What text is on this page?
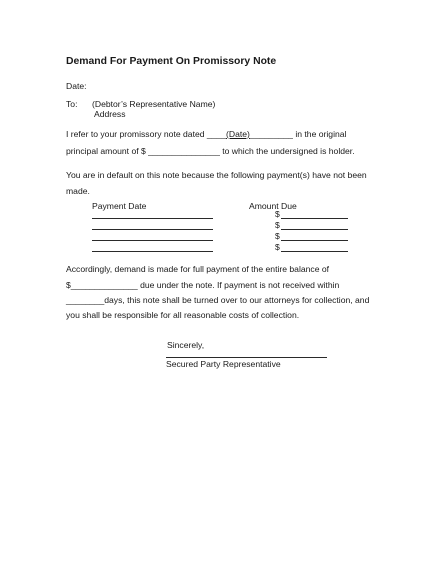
Demand For Payment On Promissory Note
Date:
To: (Debtor’s Representative Name)
Address
I refer to your promissory note dated ____(Date)_________ in the original
principal amount of $ _______________ to which the undersigned is holder.
You are in default on this note because the following payment(s) have not been
made.
Payment Date	Amount Due
$
$
$
$
Accordingly, demand is made for full payment of the entire balance of
$______________ due under the note. If payment is not received within
________days, this note shall be turned over to our attorneys for collection, and
you shall be responsible for all reasonable costs of collection.
Sincerely,
Secured Party Representative
